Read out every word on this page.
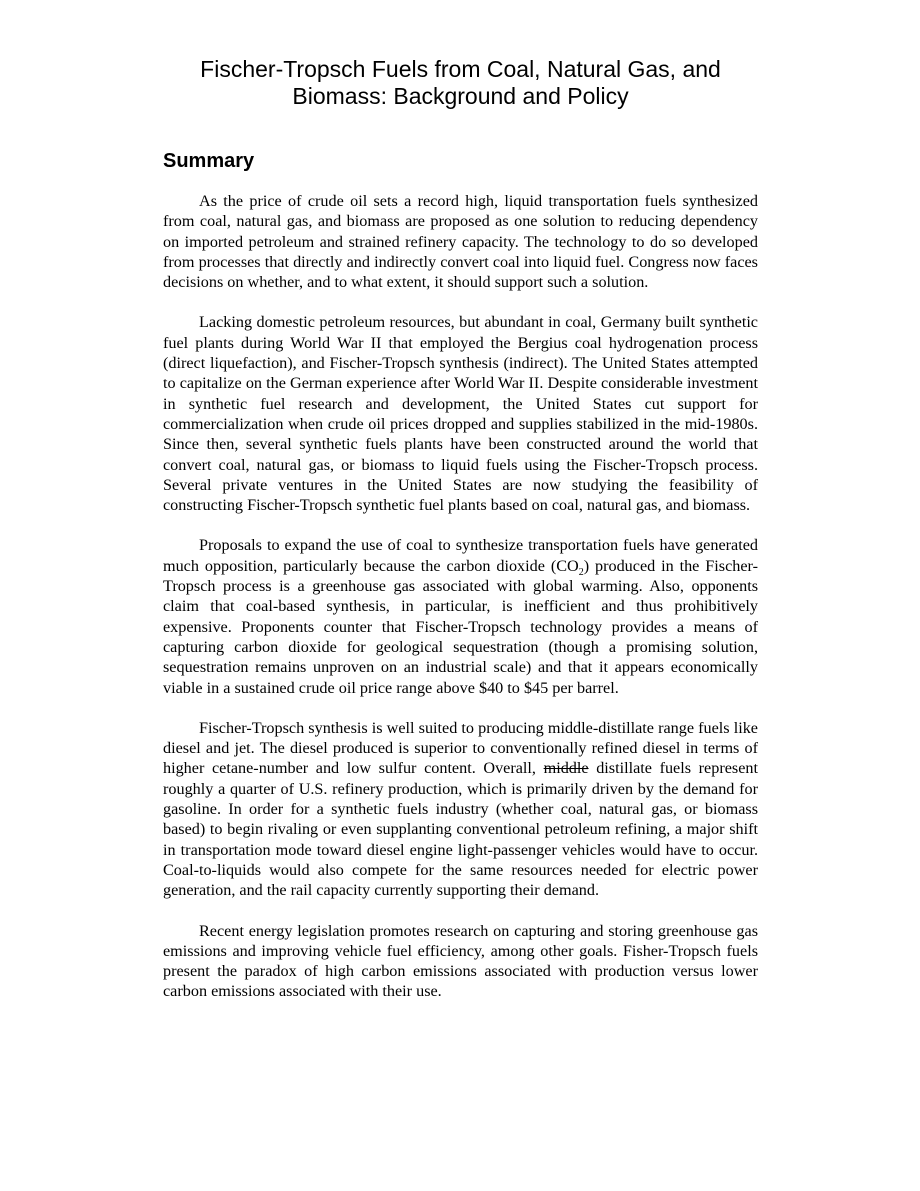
Fischer-Tropsch Fuels from Coal, Natural Gas, and
Biomass: Background and Policy
Summary

As the price of crude oil sets a record high, liquid transportation fuels synthesized from coal, natural gas, and biomass are proposed as one solution to reducing dependency on imported petroleum and strained refinery capacity. The technology to do so developed from processes that directly and indirectly convert coal into liquid fuel. Congress now faces decisions on whether, and to what extent, it should support such a solution.

Lacking domestic petroleum resources, but abundant in coal, Germany built synthetic fuel plants during World War II that employed the Bergius coal hydrogenation process (direct liquefaction), and Fischer-Tropsch synthesis (indirect). The United States attempted to capitalize on the German experience after World War II. Despite considerable investment in synthetic fuel research and development, the United States cut support for commercialization when crude oil prices dropped and supplies stabilized in the mid-1980s. Since then, several synthetic fuels plants have been constructed around the world that convert coal, natural gas, or biomass to liquid fuels using the Fischer-Tropsch process. Several private ventures in the United States are now studying the feasibility of constructing Fischer-Tropsch synthetic fuel plants based on coal, natural gas, and biomass.

Proposals to expand the use of coal to synthesize transportation fuels have generated much opposition, particularly because the carbon dioxide $(CO_2)$ produced in the Fischer-Tropsch process is a greenhouse gas associated with global warming. Also, opponents claim that coal-based synthesis, in particular, is inefficient and thus prohibitively expensive. Proponents counter that Fischer-Tropsch technology provides a means of capturing carbon dioxide for geological sequestration (though a promising solution, sequestration remains unproven on an industrial scale) and that it appears economically viable in a sustained crude oil price range above $40 to $45 per barrel.

Fischer-Tropsch synthesis is well suited to producing middle-distillate range fuels like diesel and jet. The diesel produced is superior to conventionally refined diesel in terms of higher cetane-number and low sulfur content. Overall, middle distillate fuels represent roughly a quarter of U.S. refinery production, which is primarily driven by the demand for gasoline. In order for a synthetic fuels industry (whether coal, natural gas, or biomass based) to begin rivaling or even supplanting conventional petroleum refining, a major shift in transportation mode toward diesel engine light-passenger vehicles would have to occur. Coal-to-liquids would also compete for the same resources needed for electric power generation, and the rail capacity currently supporting their demand.

Recent energy legislation promotes research on capturing and storing greenhouse gas emissions and improving vehicle fuel efficiency, among other goals. Fisher-Tropsch fuels present the paradox of high carbon emissions associated with production versus lower carbon emissions associated with their use.
